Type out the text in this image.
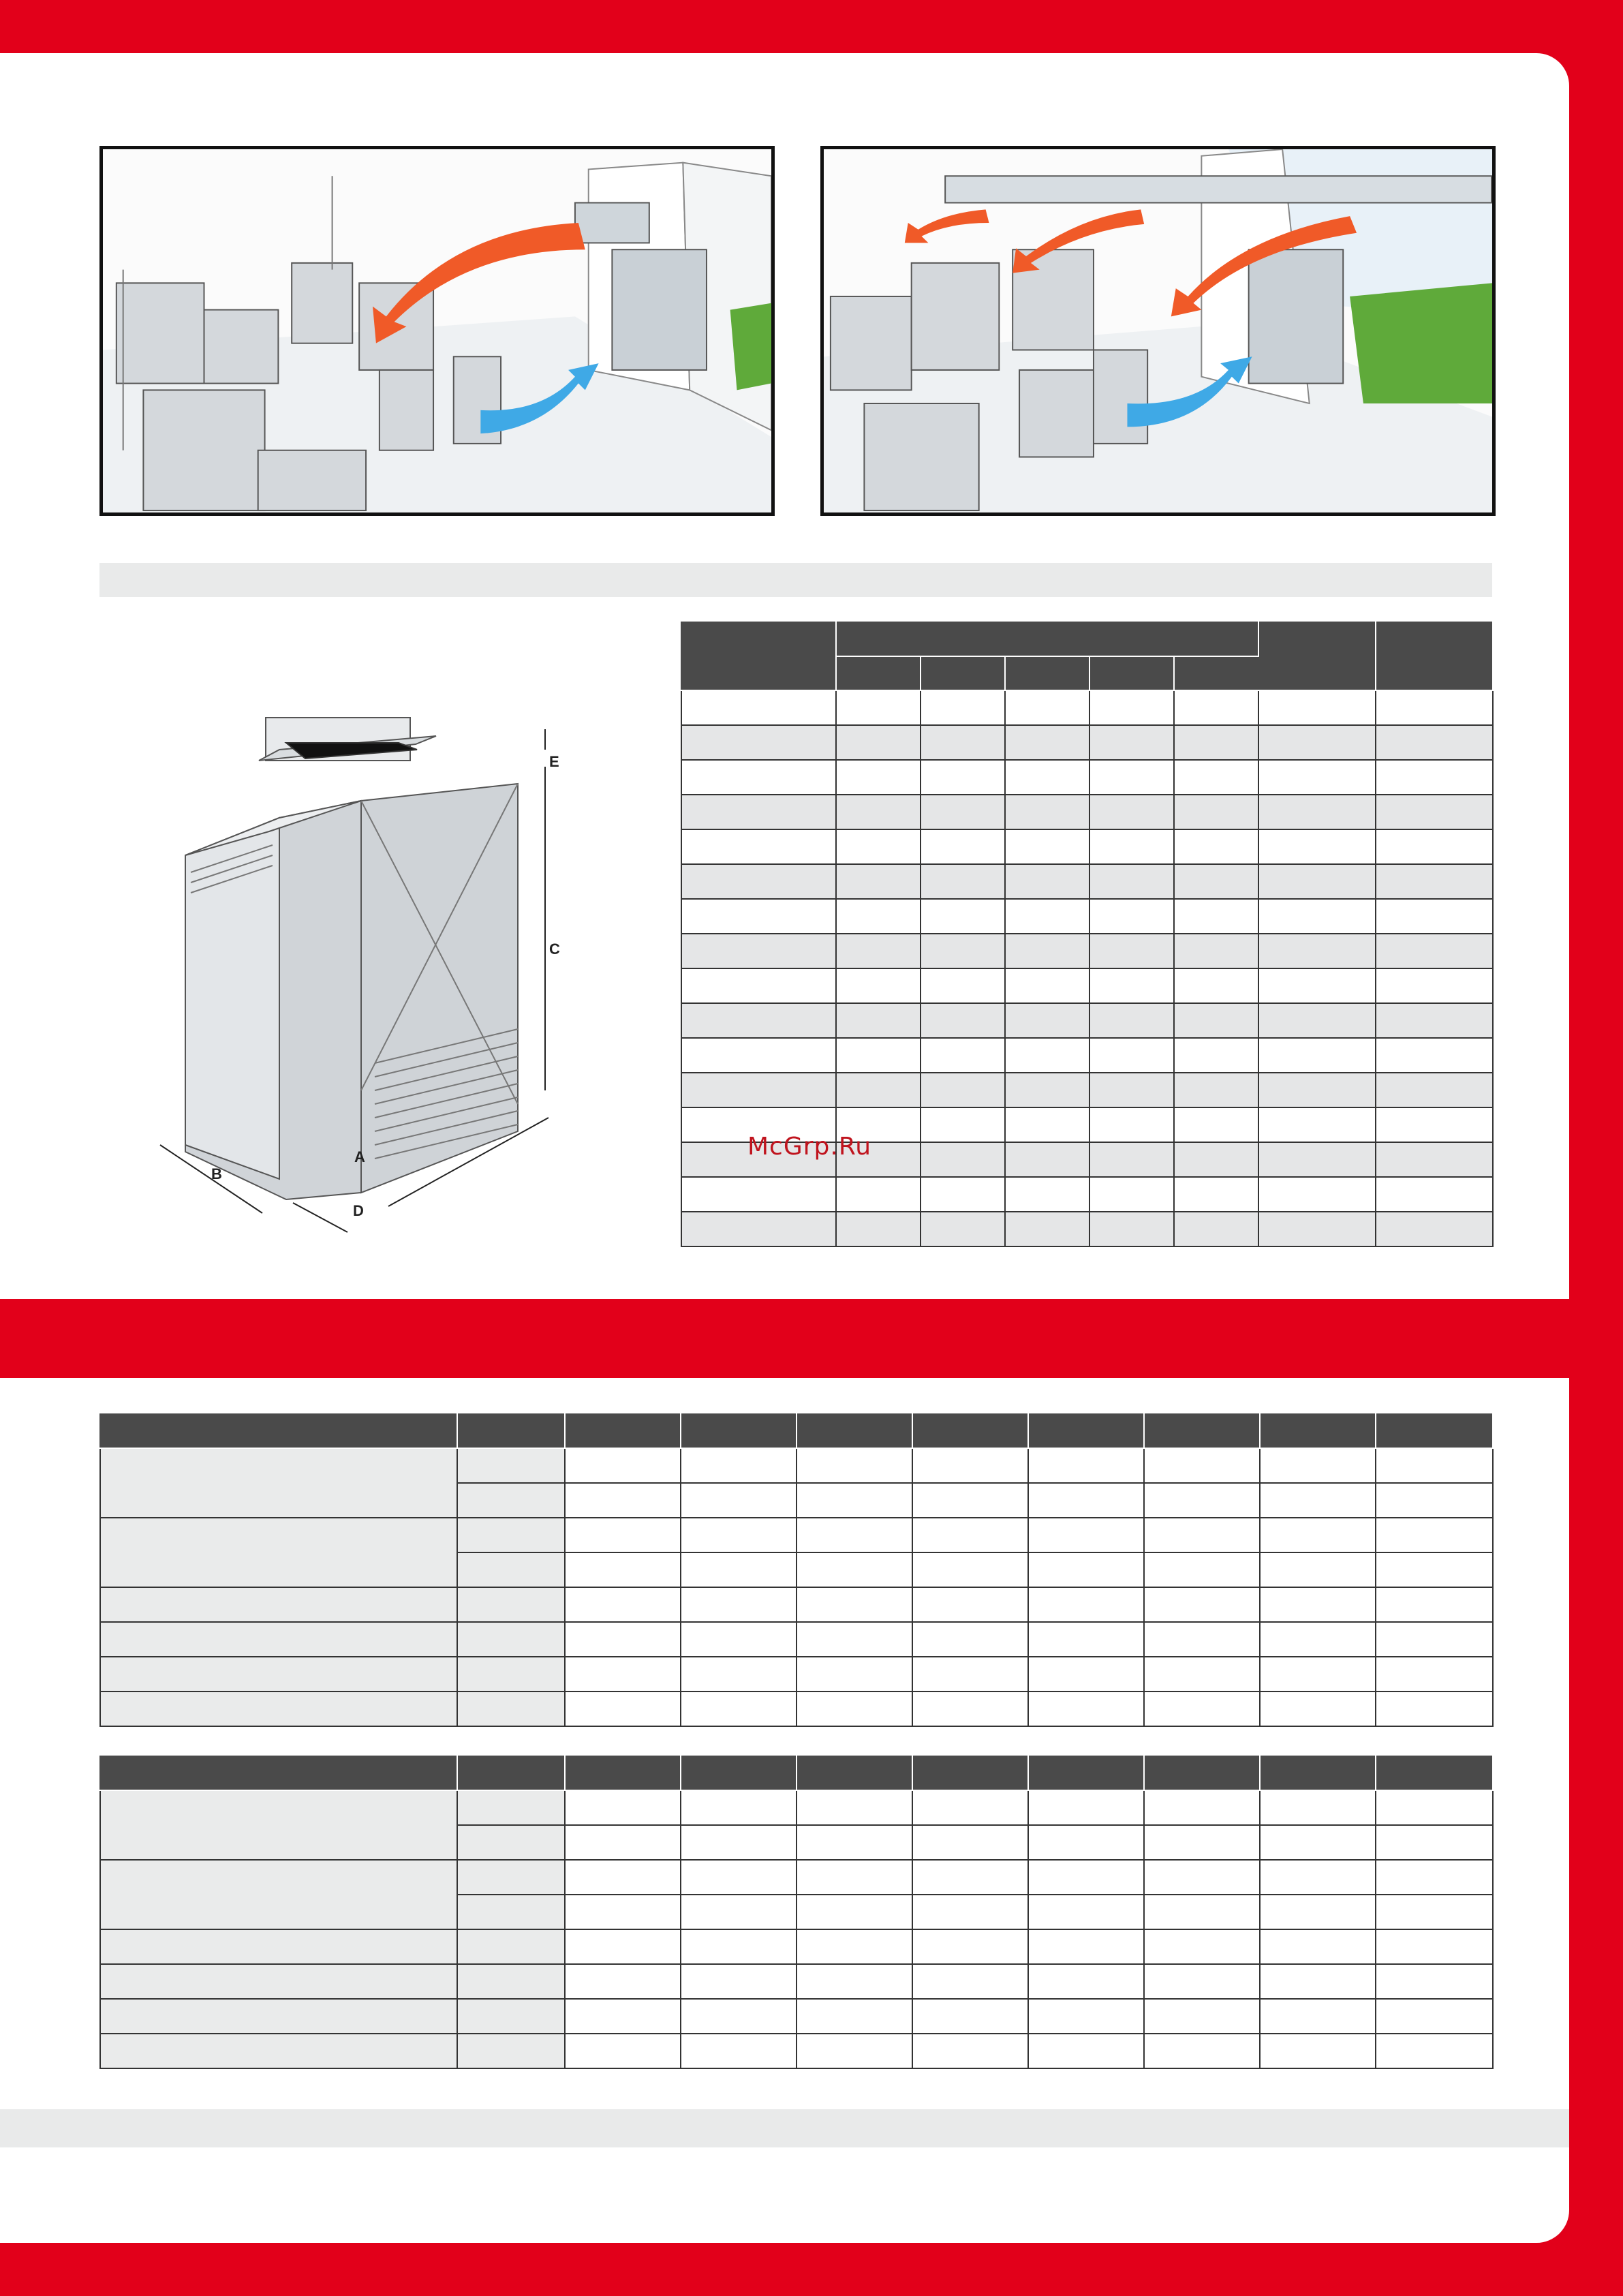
E
C
B
A
D

McGrp.Ru
